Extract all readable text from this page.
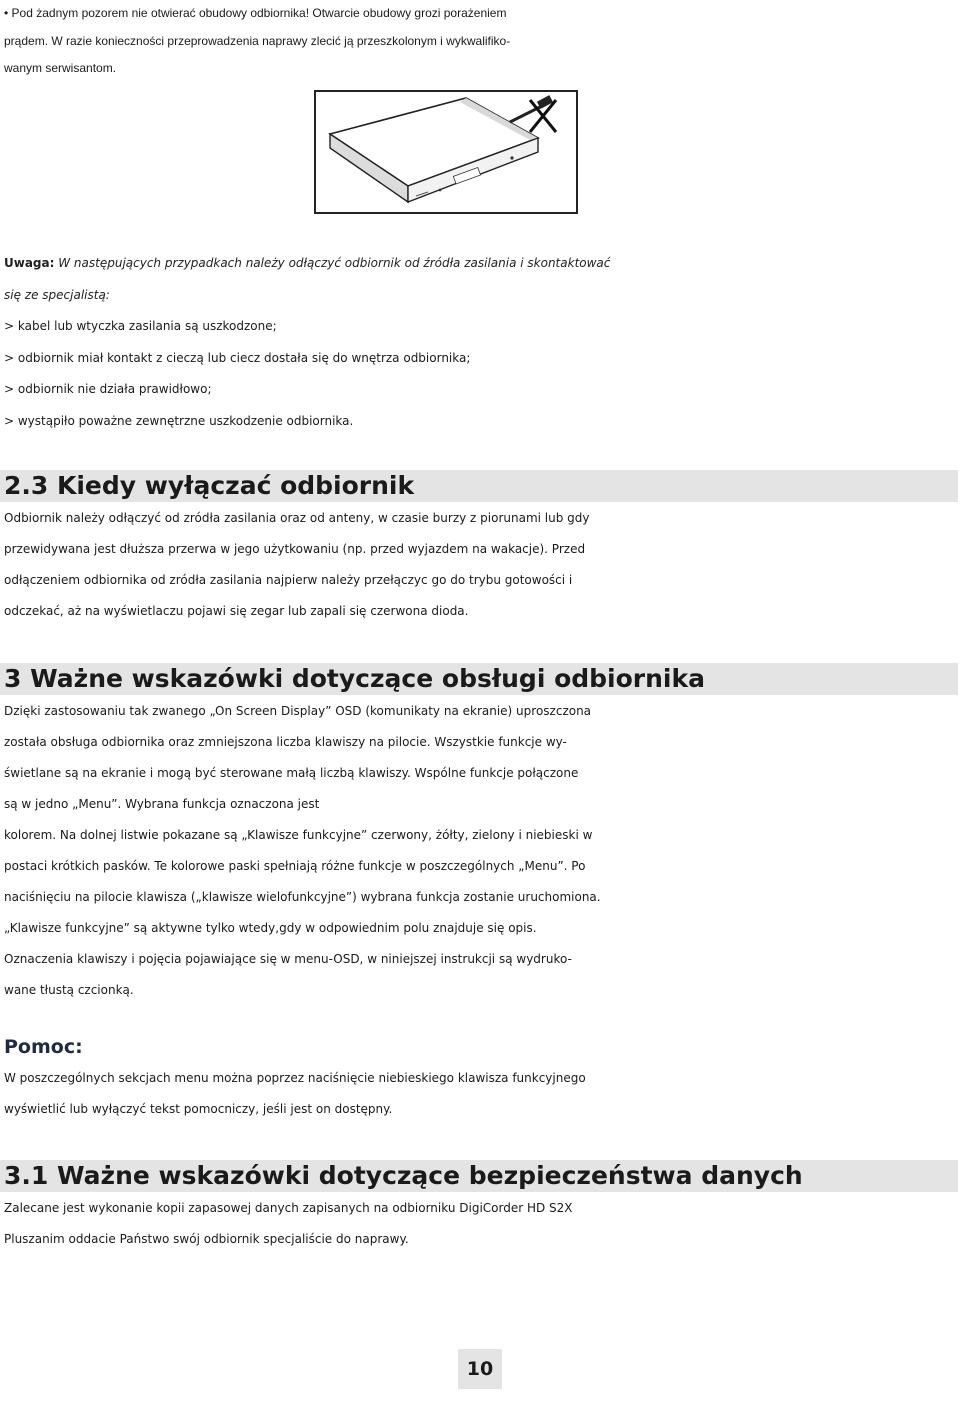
• Pod żadnym pozorem nie otwierać obudowy odbiornika! Otwarcie obudowy grozi porażeniem
prądem. W razie konieczności przeprowadzenia naprawy zlecić ją przeszkolonym i wykwalifiko-
wanym serwisantom.

Uwaga: W następujących przypadkach należy odłączyć odbiornik od źródła zasilania i skontaktować
się ze specjalistą:

> kabel lub wtyczka zasilania są uszkodzone;

> odbiornik miał kontakt z cieczą lub ciecz dostała się do wnętrza odbiornika;

> odbiornik nie działa prawidłowo;

> wystąpiło poważne zewnętrzne uszkodzenie odbiornika.

2.3 Kiedy wyłączać odbiornik

Odbiornik należy odłączyć od zródła zasilania oraz od anteny, w czasie burzy z piorunami lub gdy
przewidywana jest dłuższa przerwa w jego użytkowaniu (np. przed wyjazdem na wakacje). Przed
odłączeniem odbiornika od zródła zasilania najpierw należy przełączyc go do trybu gotowości i
odczekać, aż na wyświetlaczu pojawi się zegar lub zapali się czerwona dioda.

3 Ważne wskazówki dotyczące obsługi odbiornika

Dzięki zastosowaniu tak zwanego „On Screen Display” OSD (komunikaty na ekranie) uproszczona
została obsługa odbiornika oraz zmniejszona liczba klawiszy na pilocie. Wszystkie funkcje wy-
świetlane są na ekranie i mogą być sterowane małą liczbą klawiszy. Wspólne funkcje połączone
są w jedno „Menu”. Wybrana funkcja oznaczona jest
kolorem. Na dolnej listwie pokazane są „Klawisze funkcyjne” czerwony, żółty, zielony i niebieski w
postaci krótkich pasków. Te kolorowe paski spełniają różne funkcje w poszczególnych „Menu”. Po
naciśnięciu na pilocie klawisza („klawisze wielofunkcyjne”) wybrana funkcja zostanie uruchomiona.
„Klawisze funkcyjne” są aktywne tylko wtedy,gdy w odpowiednim polu znajduje się opis.
Oznaczenia klawiszy i pojęcia pojawiające się w menu-OSD, w niniejszej instrukcji są wydruko-
wane tłustą czcionką.

Pomoc:

W poszczególnych sekcjach menu można poprzez naciśnięcie niebieskiego klawisza funkcyjnego
wyświetlić lub wyłączyć tekst pomocniczy, jeśli jest on dostępny.

3.1 Ważne wskazówki dotyczące bezpieczeństwa danych

Zalecane jest wykonanie kopii zapasowej danych zapisanych na odbiorniku DigiCorder HD S2X
Pluszanim oddacie Państwo swój odbiornik specjaliście do naprawy.

10
